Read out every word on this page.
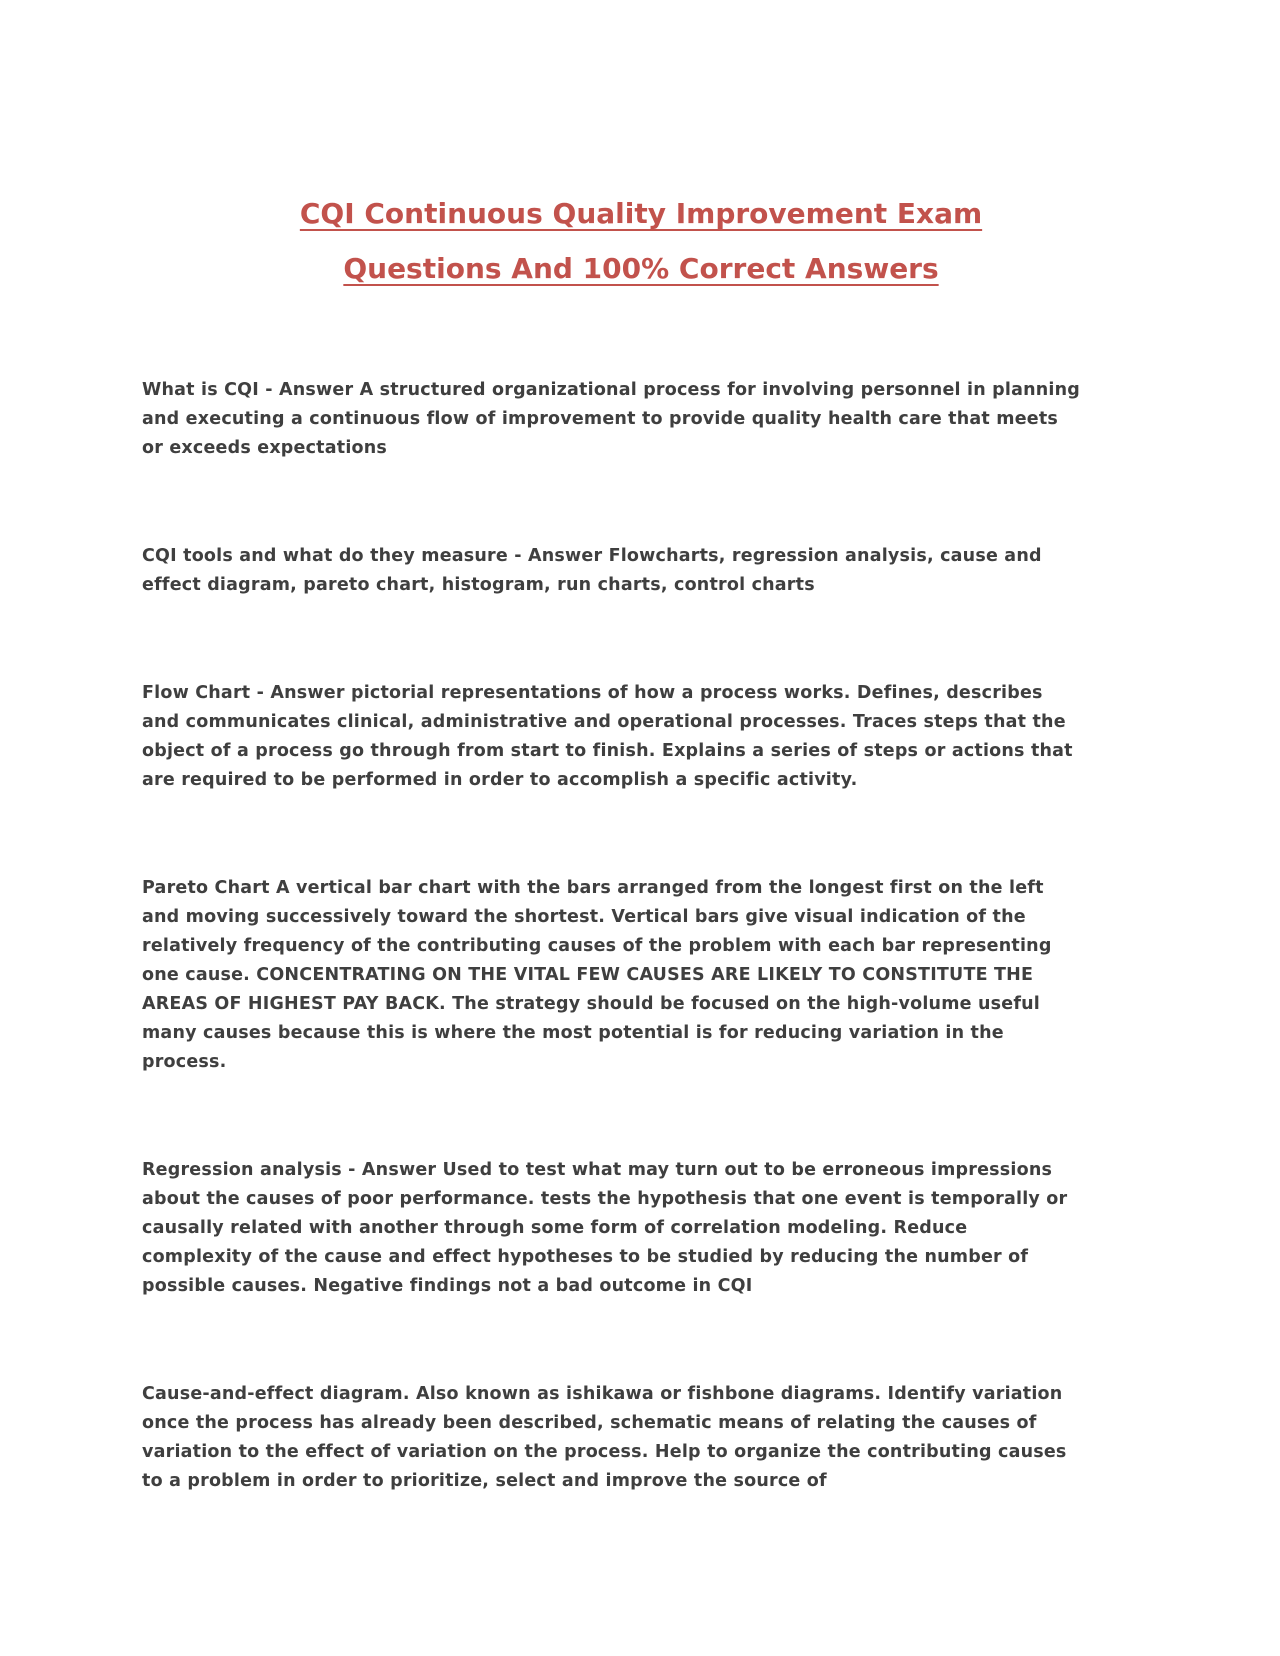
CQI Continuous Quality Improvement Exam
Questions And 100% Correct Answers

What is CQI - Answer A structured organizational process for involving personnel in planning and executing a continuous flow of improvement to provide quality health care that meets or exceeds expectations

CQI tools and what do they measure - Answer Flowcharts, regression analysis, cause and effect diagram, pareto chart, histogram, run charts, control charts

Flow Chart - Answer pictorial representations of how a process works. Defines, describes and communicates clinical, administrative and operational processes. Traces steps that the object of a process go through from start to finish. Explains a series of steps or actions that are required to be performed in order to accomplish a specific activity.

Pareto Chart A vertical bar chart with the bars arranged from the longest first on the left and moving successively toward the shortest. Vertical bars give visual indication of the relatively frequency of the contributing causes of the problem with each bar representing one cause. CONCENTRATING ON THE VITAL FEW CAUSES ARE LIKELY TO CONSTITUTE THE AREAS OF HIGHEST PAY BACK. The strategy should be focused on the high-volume useful many causes because this is where the most potential is for reducing variation in the process.

Regression analysis - Answer Used to test what may turn out to be erroneous impressions about the causes of poor performance. tests the hypothesis that one event is temporally or causally related with another through some form of correlation modeling. Reduce complexity of the cause and effect hypotheses to be studied by reducing the number of possible causes. Negative findings not a bad outcome in CQI

Cause-and-effect diagram. Also known as ishikawa or fishbone diagrams. Identify variation once the process has already been described, schematic means of relating the causes of variation to the effect of variation on the process. Help to organize the contributing causes to a problem in order to prioritize, select and improve the source of
